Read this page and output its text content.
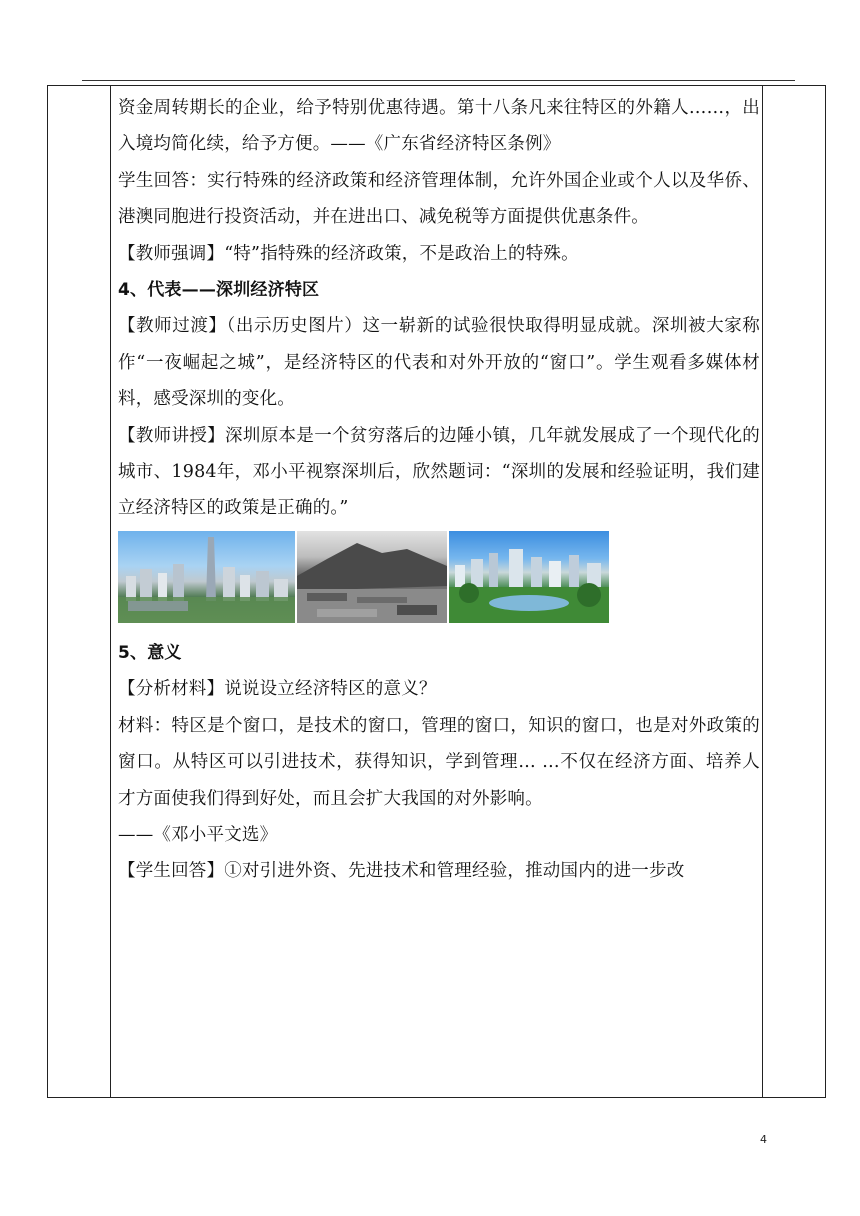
资金周转期长的企业，给予特别优惠待遇。第十八条凡来往特区的外籍人……，出入境均简化续，给予方便。——《广东省经济特区条例》

学生回答：实行特殊的经济政策和经济管理体制，允许外国企业或个人以及华侨、港澳同胞进行投资活动，并在进出口、减免税等方面提供优惠条件。

【教师强调】“特”指特殊的经济政策，不是政治上的特殊。

4、代表——深圳经济特区

【教师过渡】（出示历史图片）这一崭新的试验很快取得明显成就。深圳被大家称作“一夜崛起之城”，是经济特区的代表和对外开放的“窗口”。学生观看多媒体材料，感受深圳的变化。

【教师讲授】深圳原本是一个贫穷落后的边陲小镇，几年就发展成了一个现代化的城市、1984年，邓小平视察深圳后，欣然题词：“深圳的发展和经验证明，我们建立经济特区的政策是正确的。”

5、意义

【分析材料】说说设立经济特区的意义？

材料：特区是个窗口，是技术的窗口，管理的窗口，知识的窗口，也是对外政策的窗口。从特区可以引进技术，获得知识，学到管理… …不仅在经济方面、培养人才方面使我们得到好处，而且会扩大我国的对外影响。

——《邓小平文选》

【学生回答】①对引进外资、先进技术和管理经验，推动国内的进一步改

4
